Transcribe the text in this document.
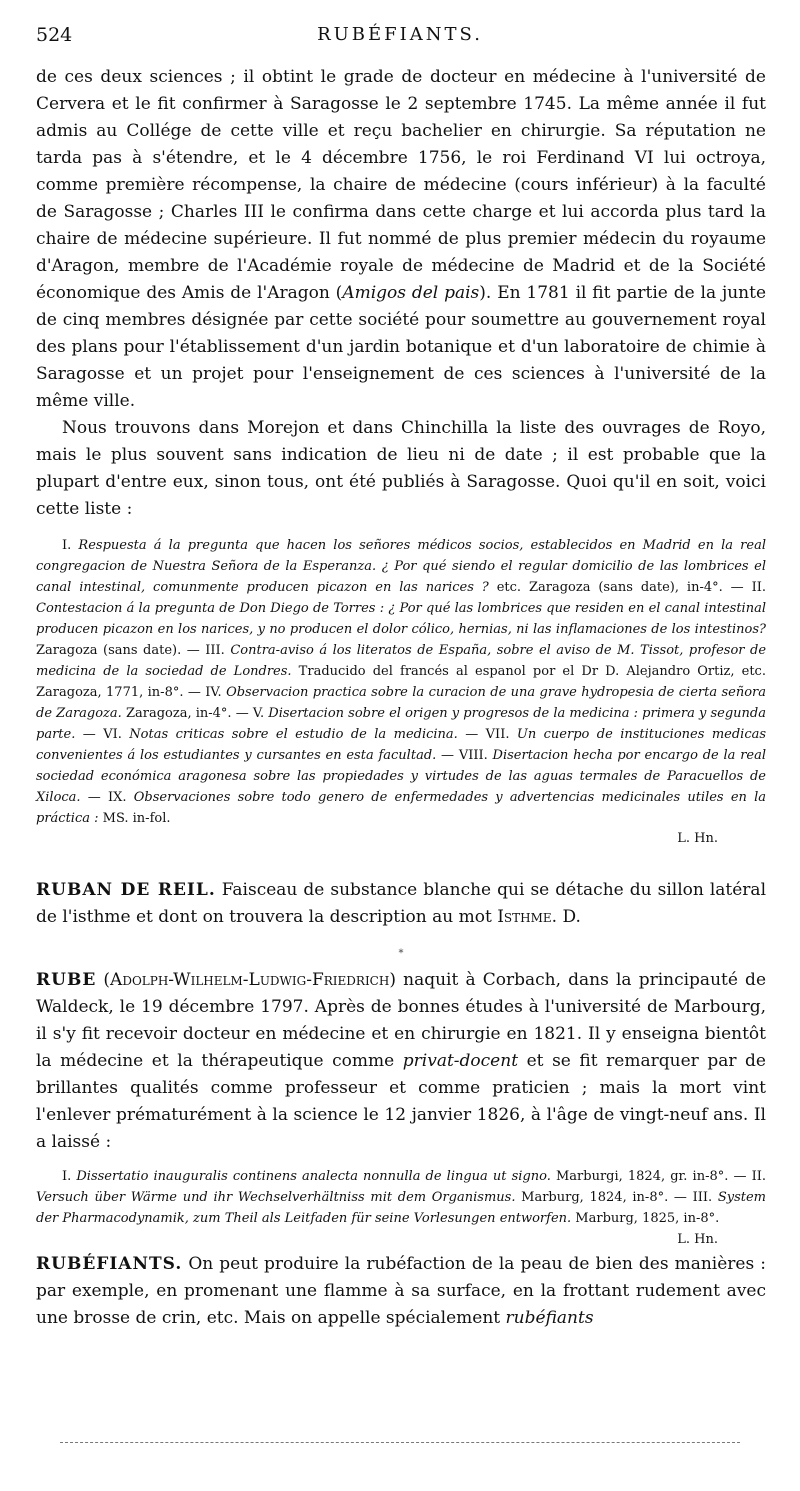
524	RUBÉFIANTS.

de ces deux sciences ; il obtint le grade de docteur en médecine à l'université de Cervera et le fit confirmer à Saragosse le 2 septembre 1745. La même année il fut admis au Collége de cette ville et reçu bachelier en chirurgie. Sa réputation ne tarda pas à s'étendre, et le 4 décembre 1756, le roi Ferdinand VI lui octroya, comme première récompense, la chaire de médecine (cours inférieur) à la faculté de Saragosse ; Charles III le confirma dans cette charge et lui accorda plus tard la chaire de médecine supérieure. Il fut nommé de plus premier médecin du royaume d'Aragon, membre de l'Académie royale de médecine de Madrid et de la Société économique des Amis de l'Aragon (Amigos del pais). En 1781 il fit partie de la junte de cinq membres désignée par cette société pour soumettre au gouvernement royal des plans pour l'établissement d'un jardin botanique et d'un laboratoire de chimie à Saragosse et un projet pour l'enseignement de ces sciences à l'université de la même ville.

Nous trouvons dans Morejon et dans Chinchilla la liste des ouvrages de Royo, mais le plus souvent sans indication de lieu ni de date ; il est probable que la plupart d'entre eux, sinon tous, ont été publiés à Saragosse. Quoi qu'il en soit, voici cette liste :

I. Respuesta á la pregunta que hacen los señores médicos socios, establecidos en Madrid en la real congregacion de Nuestra Señora de la Esperanza. ¿ Por qué siendo el regular domicilio de las lombrices el canal intestinal, comunmente producen picazon en las narices ? etc. Zaragoza (sans date), in-4°. — II. Contestacion á la pregunta de Don Diego de Torres : ¿ Por qué las lombrices que residen en el canal intestinal producen picazon en los narices, y no producen el dolor cólico, hernias, ni las inflamaciones de los intestinos? Zaragoza (sans date). — III. Contra-aviso á los literatos de España, sobre el aviso de M. Tissot, profesor de medicina de la sociedad de Londres. Traducido del francés al espanol por el Dr D. Alejandro Ortiz, etc. Zaragoza, 1771, in-8°. — IV. Observacion practica sobre la curacion de una grave hydropesia de cierta señora de Zaragoza. Zaragoza, in-4°. — V. Disertacion sobre el origen y progresos de la medicina : primera y segunda parte. — VI. Notas criticas sobre el estudio de la medicina. — VII. Un cuerpo de instituciones medicas convenientes á los estudiantes y cursantes en esta facultad. — VIII. Disertacion hecha por encargo de la real sociedad económica aragonesa sobre las propiedades y virtudes de las aguas termales de Paracuellos de Xiloca. — IX. Observaciones sobre todo genero de enfermedades y advertencias medicinales utiles en la práctica : MS. in-fol.

L. Hn.

RUBAN DE REIL. Faisceau de substance blanche qui se détache du sillon latéral de l'isthme et dont on trouvera la description au mot Isthme. D.

*

RUBE (Adolph-Wilhelm-Ludwig-Friedrich) naquit à Corbach, dans la principauté de Waldeck, le 19 décembre 1797. Après de bonnes études à l'université de Marbourg, il s'y fit recevoir docteur en médecine et en chirurgie en 1821. Il y enseigna bientôt la médecine et la thérapeutique comme privat-docent et se fit remarquer par de brillantes qualités comme professeur et comme praticien ; mais la mort vint l'enlever prématurément à la science le 12 janvier 1826, à l'âge de vingt-neuf ans. Il a laissé :

I. Dissertatio inauguralis continens analecta nonnulla de lingua ut signo. Marburgi, 1824, gr. in-8°. — II. Versuch über Wärme und ihr Wechselverhältniss mit dem Organismus. Marburg, 1824, in-8°. — III. System der Pharmacodynamik, zum Theil als Leitfaden für seine Vorlesungen entworfen. Marburg, 1825, in-8°.
L. Hn.

RUBÉFIANTS. On peut produire la rubéfaction de la peau de bien des manières : par exemple, en promenant une flamme à sa surface, en la frottant rudement avec une brosse de crin, etc. Mais on appelle spécialement rubéfiants
